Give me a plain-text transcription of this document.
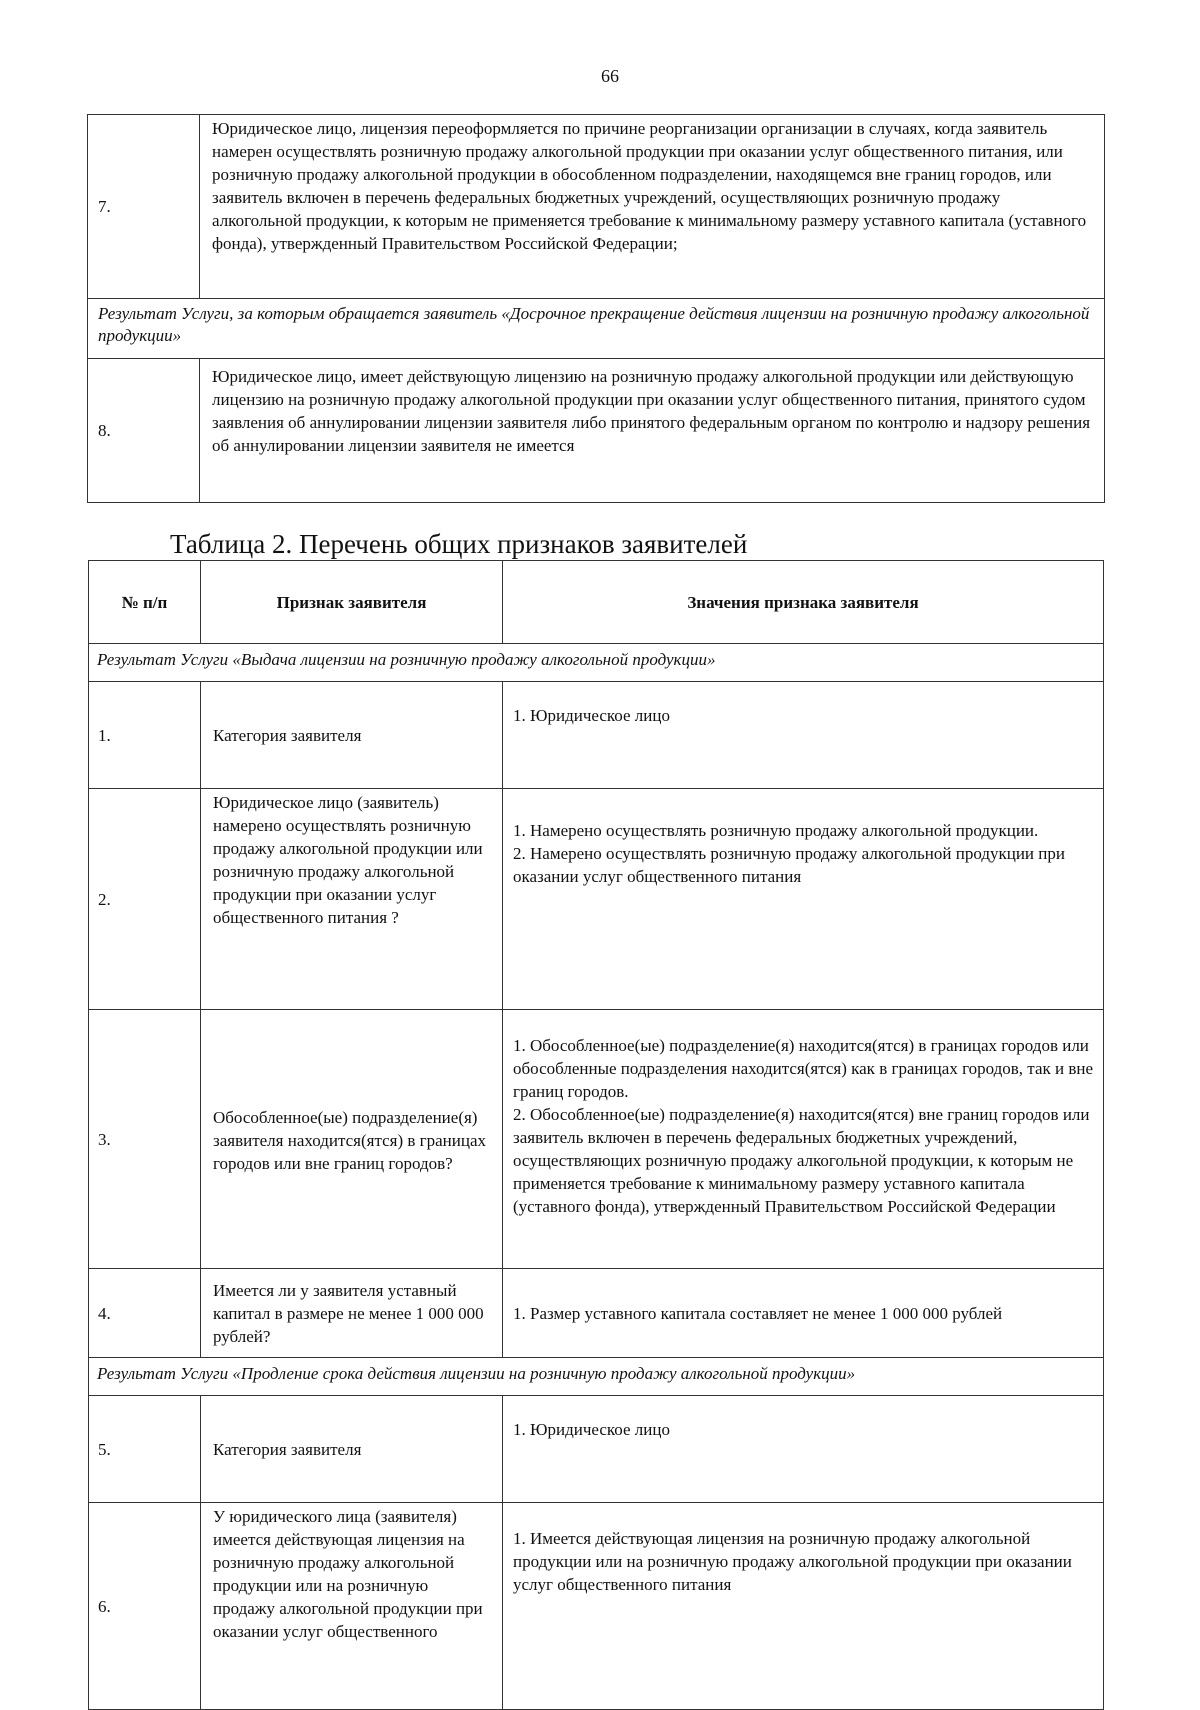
66
7.	Юридическое лицо, лицензия переоформляется по причине реорганизации организации в случаях, когда заявитель намерен осуществлять розничную продажу алкогольной продукции при оказании услуг общественного питания, или розничную продажу алкогольной продукции в обособленном подразделении, находящемся вне границ городов, или заявитель включен в перечень федеральных бюджетных учреждений, осуществляющих розничную продажу алкогольной продукции, к которым не применяется требование к минимальному размеру уставного капитала (уставного фонда), утвержденный Правительством Российской Федерации;
Результат Услуги, за которым обращается заявитель «Досрочное прекращение действия лицензии на розничную продажу алкогольной продукции»	
8.	Юридическое лицо, имеет действующую лицензию на розничную продажу алкогольной продукции или действующую лицензию на розничную продажу алкогольной продукции при оказании услуг общественного питания, принятого судом заявления об аннулировании лицензии заявителя либо принятого федеральным органом по контролю и надзору решения об аннулировании лицензии заявителя не имеется
Таблица 2. Перечень общих признаков заявителей
№ п/п	Признак заявителя	Значения признака заявителя
Результат Услуги «Выдача лицензии на розничную продажу алкогольной продукции»		
1.	Категория заявителя	1. Юридическое лицо
2.	Юридическое лицо (заявитель) намерено осуществлять розничную продажу алкогольной продукции или розничную продажу алкогольной продукции при оказании услуг общественного питания ?	1. Намерено осуществлять розничную продажу алкогольной продукции.
2. Намерено осуществлять розничную продажу алкогольной продукции при оказании услуг общественного питания
3.	Обособленное(ые) подразделение(я) заявителя находится(ятся) в границах городов или вне границ городов?	1. Обособленное(ые) подразделение(я) находится(ятся) в границах городов или обособленные подразделения находится(ятся) как в границах городов, так и вне границ городов.
2. Обособленное(ые) подразделение(я) находится(ятся) вне границ городов или заявитель включен в перечень федеральных бюджетных учреждений, осуществляющих розничную продажу алкогольной продукции, к которым не применяется требование к минимальному размеру уставного капитала (уставного фонда), утвержденный Правительством Российской Федерации
4.	Имеется ли у заявителя уставный капитал в размере не менее 1 000 000 рублей?	1. Размер уставного капитала составляет не менее 1 000 000 рублей
Результат Услуги «Продление срока действия лицензии на розничную продажу алкогольной продукции»		
5.	Категория заявителя	1. Юридическое лицо
6.	У юридического лица (заявителя) имеется действующая лицензия на розничную продажу алкогольной продукции или на розничную продажу алкогольной продукции при оказании услуг общественного	1. Имеется действующая лицензия на розничную продажу алкогольной продукции или на розничную продажу алкогольной продукции при оказании услуг общественного питания
